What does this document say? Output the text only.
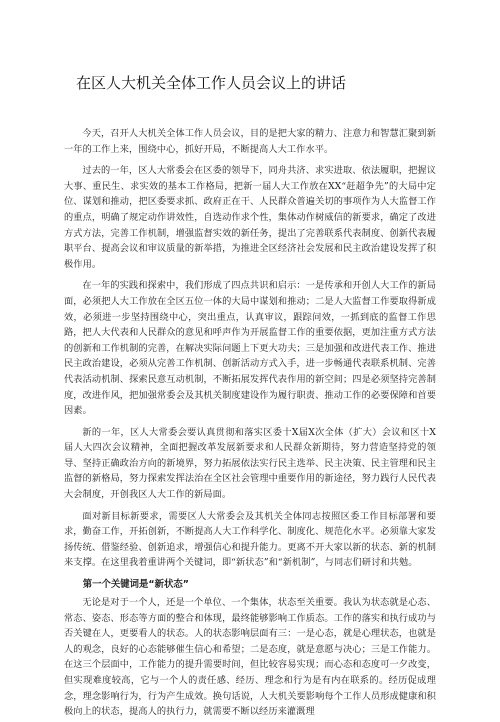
在区人大机关全体工作人员会议上的讲话

今天，召开人大机关全体工作人员会议，目的是把大家的精力、注意力和智慧汇聚到新一年的工作上来，围绕中心，抓好开局，不断提高人大工作水平。

过去的一年，区人大常委会在区委的领导下，同舟共济、求实进取、依法履职，把握议大事、重民生、求实效的基本工作格局，把新一届人大工作放在XX“赶超争先”的大局中定位、谋划和推动，把区委要求抓、政府正在干、人民群众普遍关切的事项作为人大监督工作的重点，明确了规定动作讲效性，自选动作求个性，集体动作树威信的新要求，确定了改进方式方法，完善工作机制，增强监督实效的新任务，提出了完善联系代表制度、创新代表履职平台、提高会议和审议质量的新举措，为推进全区经济社会发展和民主政治建设发挥了积极作用。

在一年的实践和探索中，我们形成了四点共识和启示：一是传承和开创人大工作的新局面，必须把人大工作放在全区五位一体的大局中谋划和推动；二是人大监督工作要取得新成效，必须进一步坚持围绕中心，突出重点，认真审议，跟踪问效，一抓到底的监督工作思路，把人大代表和人民群众的意见和呼声作为开展监督工作的重要依据，更加注重方式方法的创新和工作机制的完善，在解决实际问题上下更大功夫；三是加强和改进代表工作、推进民主政治建设，必须从完善工作机制、创新活动方式入手，进一步畅通代表联系机制、完善代表活动机制、探索民意互动机制，不断拓展发挥代表作用的新空间；四是必须坚持完善制度，改进作风，把加强常委会及其机关制度建设作为履行职责、推动工作的必要保障和首要因素。

新的一年，区人大常委会要认真贯彻和落实区委十X届X次全体（扩大）会议和区十X届人大四次会议精神，全面把握改革发展新要求和人民群众新期待，努力营造坚持党的领导、坚持正确政治方向的新境界，努力拓展依法实行民主选举、民主决策、民主管理和民主监督的新格局，努力探索发挥法治在全区社会管理中重要作用的新途径，努力践行人民代表大会制度，开创我区人大工作的新局面。

面对新目标新要求，需要区人大常委会及其机关全体同志按照区委工作目标部署和要求，勤奋工作，开拓创新，不断提高人大工作科学化、制度化、规范化水平。必须靠大家发扬传统、借鉴经验、创新追求，增强信心和提升能力。更离不开大家以新的状态、新的机制来支撑。在这里我着重讲两个关键词，即“新状态”和“新机制”，与同志们研讨和共勉。

第一个关键词是“新状态”

无论是对于一个人，还是一个单位、一个集体，状态至关重要。我认为状态就是心态、常态、姿态、形态等方面的整合和体现，最终能够影响工作质态。工作的落实和执行成功与否关键在人，更要看人的状态。人的状态影响层面有三：一是心态，就是心理状态，也就是人的观念，良好的心态能够催生信心和希望；二是态度，就是意愿与决心；三是工作能力。在这三个层面中，工作能力的提升需要时间，但比较容易实现；而心态和态度可一夕改变，但实现难度较高，它与一个人的责任感、经历、理念和行为是有内在联系的。经历促成理念，理念影响行为，行为产生成效。换句话说，人大机关要影响每个工作人员形成健康和积极向上的状态，提高人的执行力，就需要不断以经历来灌溉理
